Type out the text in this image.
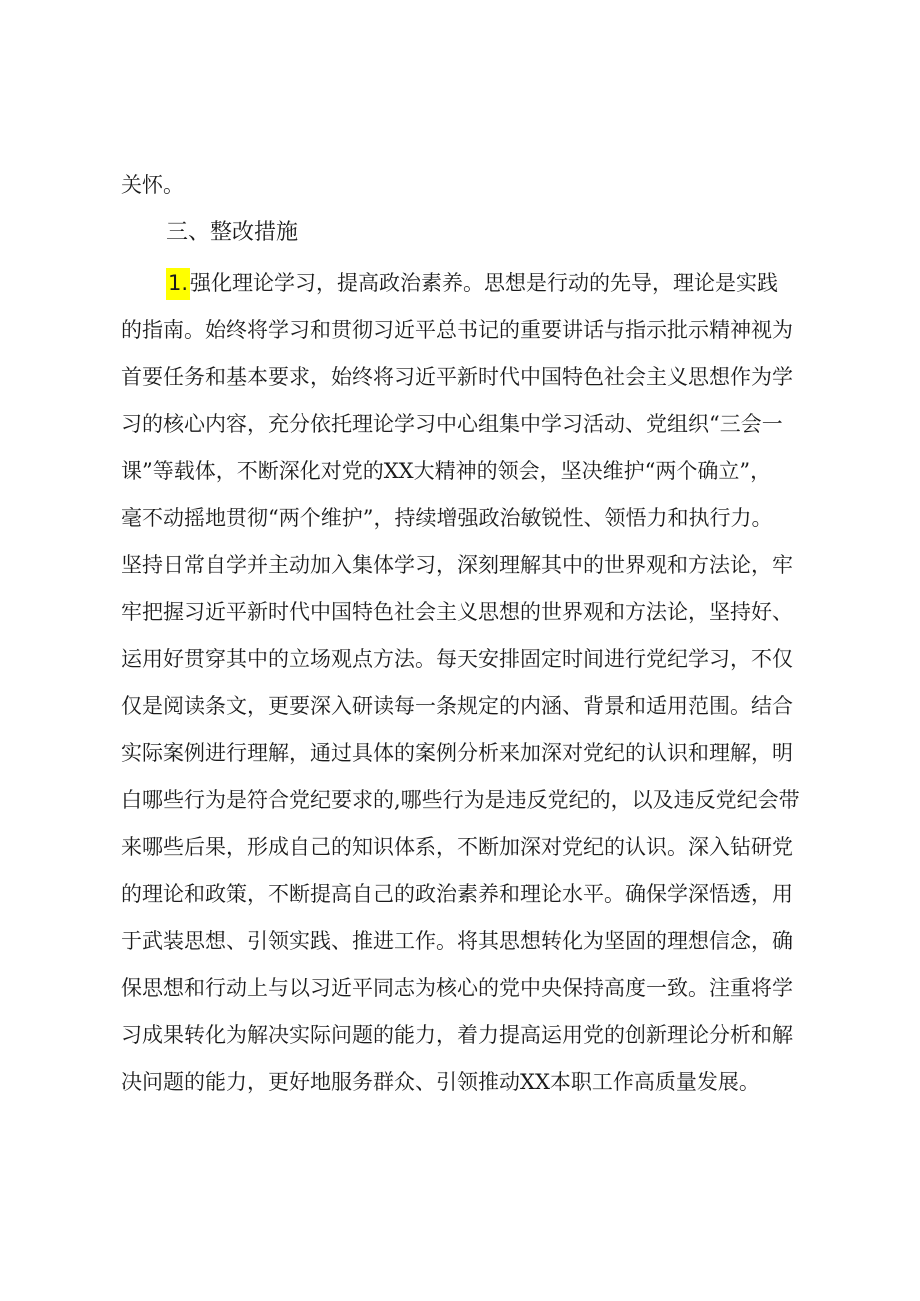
关怀。
三、整改措施
1.强化理论学习，提高政治素养。思想是行动的先导，理论是实践
的指南。始终将学习和贯彻习近平总书记的重要讲话与指示批示精神视为
首要任务和基本要求，始终将习近平新时代中国特色社会主义思想作为学
习的核心内容，充分依托理论学习中心组集中学习活动、党组织“三会一
课”等载体，不断深化对党的XX大精神的领会，坚决维护“两个确立”，
毫不动摇地贯彻“两个维护”，持续增强政治敏锐性、领悟力和执行力。
坚持日常自学并主动加入集体学习，深刻理解其中的世界观和方法论，牢
牢把握习近平新时代中国特色社会主义思想的世界观和方法论，坚持好、
运用好贯穿其中的立场观点方法。每天安排固定时间进行党纪学习，不仅
仅是阅读条文，更要深入研读每一条规定的内涵、背景和适用范围。结合
实际案例进行理解，通过具体的案例分析来加深对党纪的认识和理解，明
白哪些行为是符合党纪要求的,哪些行为是违反党纪的，以及违反党纪会带
来哪些后果，形成自己的知识体系，不断加深对党纪的认识。深入钻研党
的理论和政策，不断提高自己的政治素养和理论水平。确保学深悟透，用
于武装思想、引领实践、推进工作。将其思想转化为坚固的理想信念，确
保思想和行动上与以习近平同志为核心的党中央保持高度一致。注重将学
习成果转化为解决实际问题的能力，着力提高运用党的创新理论分析和解
决问题的能力，更好地服务群众、引领推动XX本职工作高质量发展。
